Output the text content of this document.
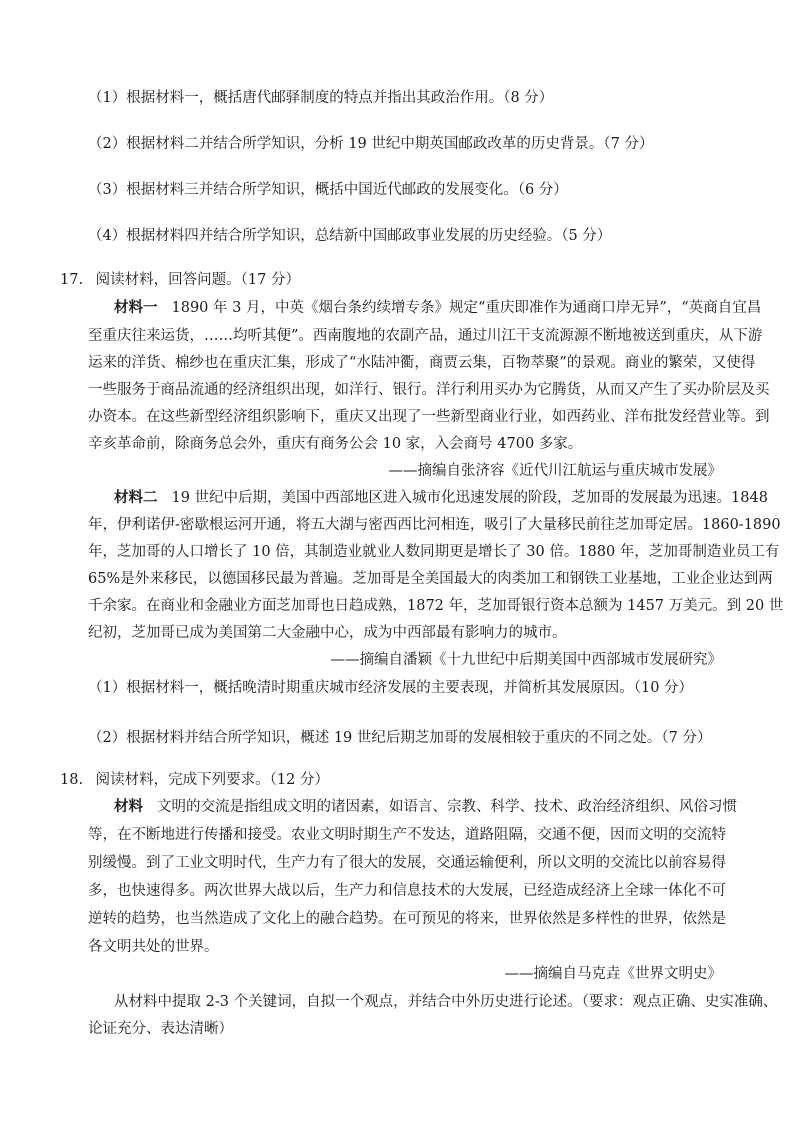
（1）根据材料一，概括唐代邮驿制度的特点并指出其政治作用。（8 分）
（2）根据材料二并结合所学知识，分析 19 世纪中期英国邮政改革的历史背景。（7 分）
（3）根据材料三并结合所学知识，概括中国近代邮政的发展变化。（6 分）
（4）根据材料四并结合所学知识，总结新中国邮政事业发展的历史经验。（5 分）
17. 阅读材料，回答问题。（17 分）
材料一 1890 年 3 月，中英《烟台条约续增专条》规定“重庆即准作为通商口岸无异”，“英商自宜昌
至重庆往来运货，……均听其便”。西南腹地的农副产品，通过川江干支流源源不断地被送到重庆，从下游
运来的洋货、棉纱也在重庆汇集，形成了“水陆冲衢，商贾云集，百物萃聚”的景观。商业的繁荣，又使得
一些服务于商品流通的经济组织出现，如洋行、银行。洋行利用买办为它腾货，从而又产生了买办阶层及买
办资本。在这些新型经济组织影响下，重庆又出现了一些新型商业行业，如西药业、洋布批发经营业等。到
辛亥革命前，除商务总会外，重庆有商务公会 10 家，入会商号 4700 多家。
——摘编自张济容《近代川江航运与重庆城市发展》
材料二 19 世纪中后期，美国中西部地区进入城市化迅速发展的阶段，芝加哥的发展最为迅速。1848
年，伊利诺伊-密歇根运河开通，将五大湖与密西西比河相连，吸引了大量移民前往芝加哥定居。1860-1890
年，芝加哥的人口增长了 10 倍，其制造业就业人数同期更是增长了 30 倍。1880 年，芝加哥制造业员工有
65%是外来移民，以德国移民最为普遍。芝加哥是全美国最大的肉类加工和钢铁工业基地，工业企业达到两
千余家。在商业和金融业方面芝加哥也日趋成熟，1872 年，芝加哥银行资本总额为 1457 万美元。到 20 世
纪初，芝加哥已成为美国第二大金融中心，成为中西部最有影响力的城市。
——摘编自潘颖《十九世纪中后期美国中西部城市发展研究》
（1）根据材料一，概括晚清时期重庆城市经济发展的主要表现，并简析其发展原因。（10 分）
（2）根据材料并结合所学知识，概述 19 世纪后期芝加哥的发展相较于重庆的不同之处。（7 分）
18. 阅读材料，完成下列要求。（12 分）
材料 文明的交流是指组成文明的诸因素，如语言、宗教、科学、技术、政治经济组织、风俗习惯
等，在不断地进行传播和接受。农业文明时期生产不发达，道路阻隔，交通不便，因而文明的交流特
别缓慢。到了工业文明时代，生产力有了很大的发展，交通运输便利，所以文明的交流比以前容易得
多，也快速得多。两次世界大战以后，生产力和信息技术的大发展，已经造成经济上全球一体化不可
逆转的趋势，也当然造成了文化上的融合趋势。在可预见的将来，世界依然是多样性的世界，依然是
各文明共处的世界。
——摘编自马克垚《世界文明史》
从材料中提取 2-3 个关键词，自拟一个观点，并结合中外历史进行论述。（要求：观点正确、史实准确、
论证充分、表达清晰）
